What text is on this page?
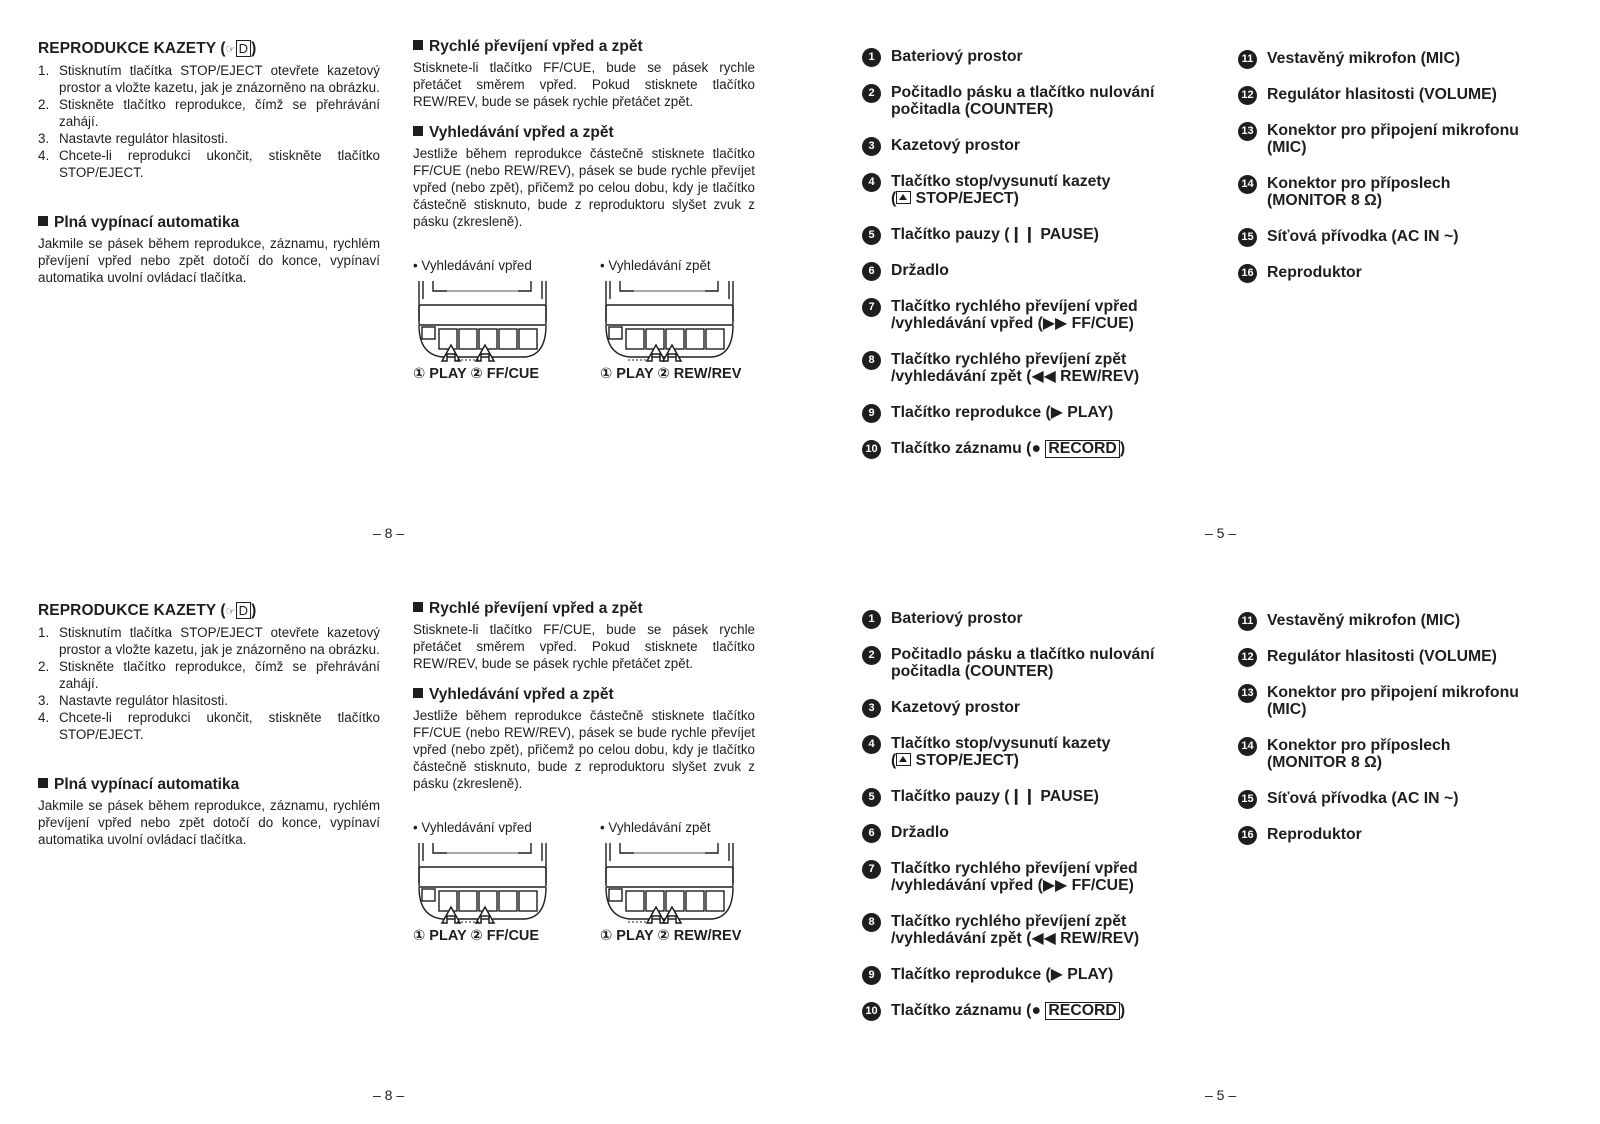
REPRODUKCE KAZETY (☞ D )
1. Stisknutím tlačítka STOP/EJECT otevřete kazetový prostor a vložte kazetu, jak je znázorněno na obrázku.
2. Stiskněte tlačítko reprodukce, čímž se přehrávání zahájí.
3. Nastavte regulátor hlasitosti.
4. Chcete-li reprodukci ukončit, stiskněte tlačítko STOP/EJECT.
Plná vypínací automatika

Jakmile se pásek během reprodukce, záznamu, rychlém převíjení vpřed nebo zpět dotočí do konce, vypínaví automatika uvolní ovládací tlačítka.

Rychlé převíjení vpřed a zpět

Stisknete-li tlačítko FF/CUE, bude se pásek rychle přetáčet směrem vpřed. Pokud stisknete tlačítko REW/REV, bude se pásek rychle přetáčet zpět.

Vyhledávání vpřed a zpět

Jestliže během reprodukce částečně stisknete tlačítko FF/CUE (nebo REW/REV), pásek se bude rychle převíjet vpřed (nebo zpět), přičemž po celou dobu, kdy je tlačítko částečně stisknuto, bude z reproduktoru slyšet zvuk z pásku (zkresleně).

• Vyhledávání vpřed
① PLAY ② FF/CUE
• Vyhledávání zpět
① PLAY ② REW/REV
– 8 –
1	Bateriový prostor
2	Počitadlo pásku a tlačítko nulování
počitadla (COUNTER)
3	Kazetový prostor
4	Tlačítko stop/vysunutí kazety
( STOP/EJECT)
5	Tlačítko pauzy (❙❙ PAUSE)
6	Držadlo
7	Tlačítko rychlého převíjení vpřed
/vyhledávání vpřed (▶▶ FF/CUE)
8	Tlačítko rychlého převíjení zpět
/vyhledávání zpět (◀◀ REW/REV)
9	Tlačítko reprodukce (▶ PLAY)
10 Tlačítko záznamu (● RECORD )
11 Vestavěný mikrofon (MIC)
12 Regulátor hlasitosti (VOLUME)
13 Konektor pro připojení mikrofonu
(MIC)
14 Konektor pro příposlech
(MONITOR 8 Ω)
15 Síťová přívodka (AC IN ~)
16 Reproduktor
– 5 –
REPRODUKCE KAZETY (☞ D )
1. Stisknutím tlačítka STOP/EJECT otevřete kazetový prostor a vložte kazetu, jak je znázorněno na obrázku.
2. Stiskněte tlačítko reprodukce, čímž se přehrávání zahájí.
3. Nastavte regulátor hlasitosti.
4. Chcete-li reprodukci ukončit, stiskněte tlačítko STOP/EJECT.
Plná vypínací automatika

Jakmile se pásek během reprodukce, záznamu, rychlém převíjení vpřed nebo zpět dotočí do konce, vypínaví automatika uvolní ovládací tlačítka.

Rychlé převíjení vpřed a zpět

Stisknete-li tlačítko FF/CUE, bude se pásek rychle přetáčet směrem vpřed. Pokud stisknete tlačítko REW/REV, bude se pásek rychle přetáčet zpět.

Vyhledávání vpřed a zpět

Jestliže během reprodukce částečně stisknete tlačítko FF/CUE (nebo REW/REV), pásek se bude rychle převíjet vpřed (nebo zpět), přičemž po celou dobu, kdy je tlačítko částečně stisknuto, bude z reproduktoru slyšet zvuk z pásku (zkresleně).

• Vyhledávání vpřed
① PLAY ② FF/CUE
• Vyhledávání zpět
① PLAY ② REW/REV
– 8 –
1	Bateriový prostor
2	Počitadlo pásku a tlačítko nulování
počitadla (COUNTER)
3	Kazetový prostor
4	Tlačítko stop/vysunutí kazety
( STOP/EJECT)
5	Tlačítko pauzy (❙❙ PAUSE)
6	Držadlo
7	Tlačítko rychlého převíjení vpřed
/vyhledávání vpřed (▶▶ FF/CUE)
8	Tlačítko rychlého převíjení zpět
/vyhledávání zpět (◀◀ REW/REV)
9	Tlačítko reprodukce (▶ PLAY)
10 Tlačítko záznamu (● RECORD )
11 Vestavěný mikrofon (MIC)
12 Regulátor hlasitosti (VOLUME)
13 Konektor pro připojení mikrofonu
(MIC)
14 Konektor pro příposlech
(MONITOR 8 Ω)
15 Síťová přívodka (AC IN ~)
16 Reproduktor
– 5 –
